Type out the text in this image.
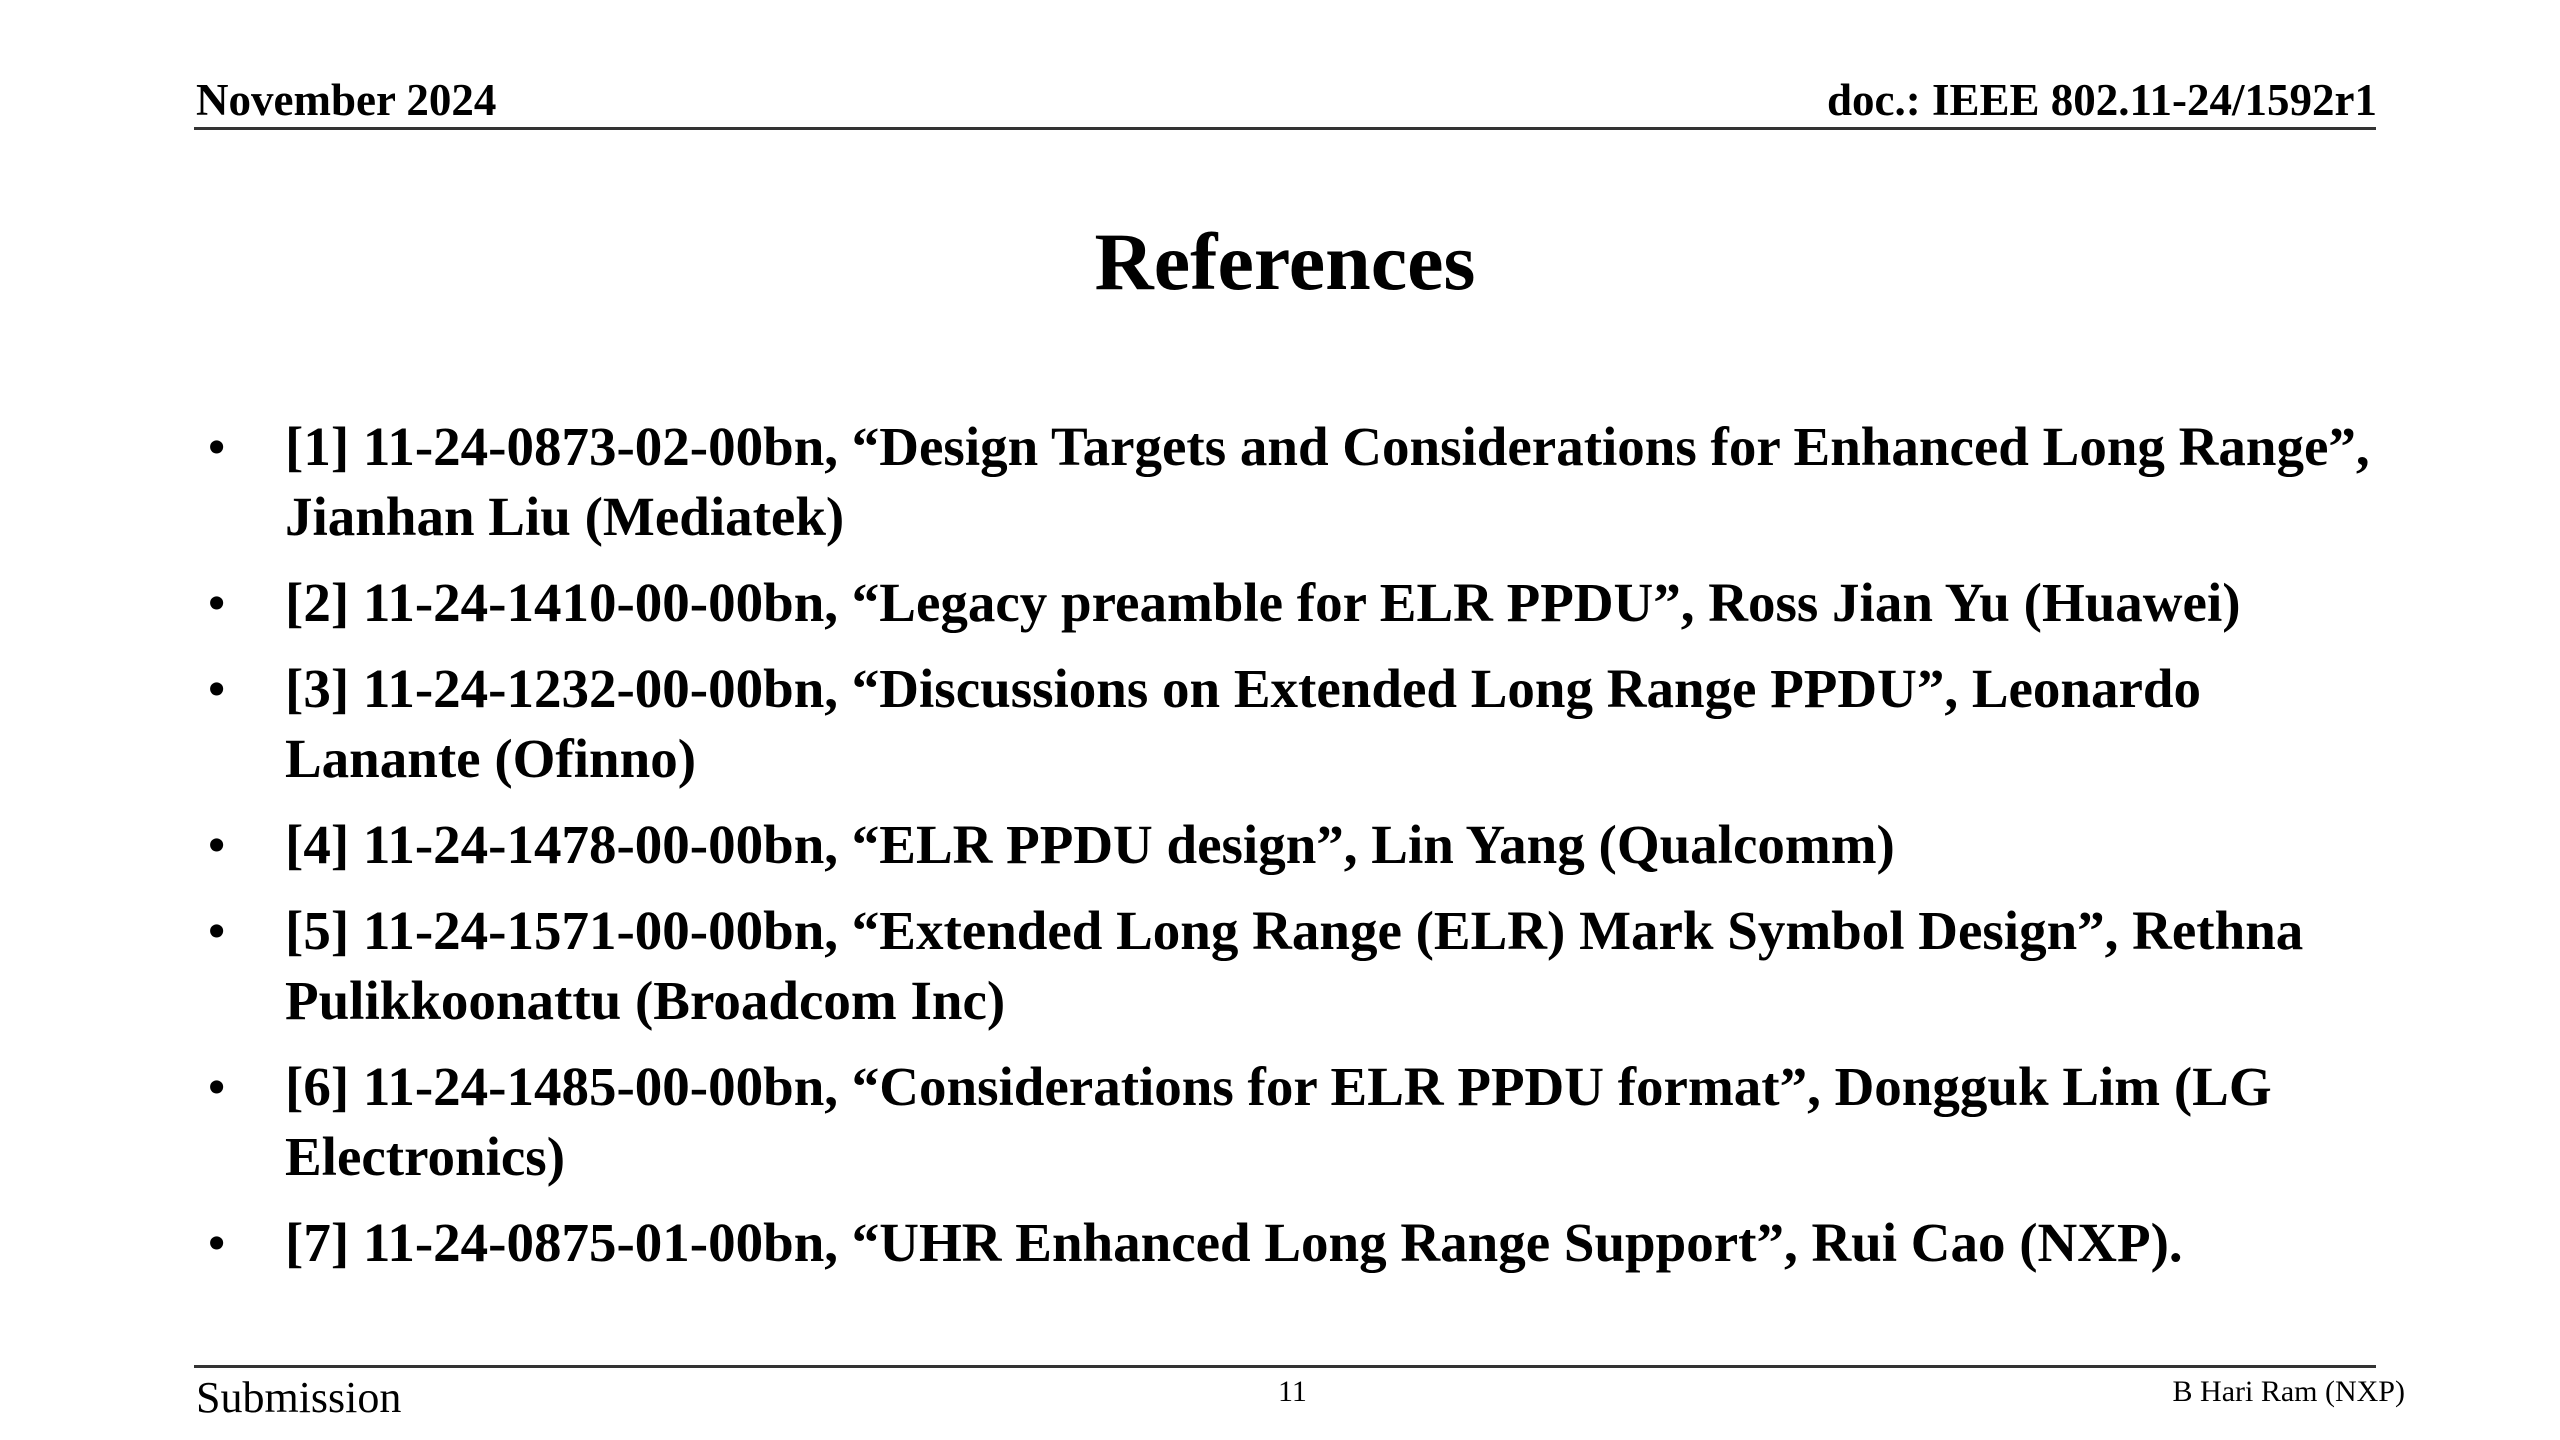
November 2024	doc.: IEEE 802.11-24/1592r1
References
• [1] 11-24-0873-02-00bn, “Design Targets and Considerations for Enhanced Long Range”, Jianhan Liu (Mediatek)
• [2] 11-24-1410-00-00bn, “Legacy preamble for ELR PPDU”, Ross Jian Yu (Huawei)
• [3] 11-24-1232-00-00bn, “Discussions on Extended Long Range PPDU”, Leonardo Lanante (Ofinno)
• [4] 11-24-1478-00-00bn, “ELR PPDU design”, Lin Yang (Qualcomm)
• [5] 11-24-1571-00-00bn, “Extended Long Range (ELR) Mark Symbol Design”, Rethna Pulikkoonattu (Broadcom Inc)
• [6] 11-24-1485-00-00bn, “Considerations for ELR PPDU format”, Dongguk Lim (LG Electronics)
• [7] 11-24-0875-01-00bn, “UHR Enhanced Long Range Support”, Rui Cao (NXP).
Submission	11	B Hari Ram (NXP)
